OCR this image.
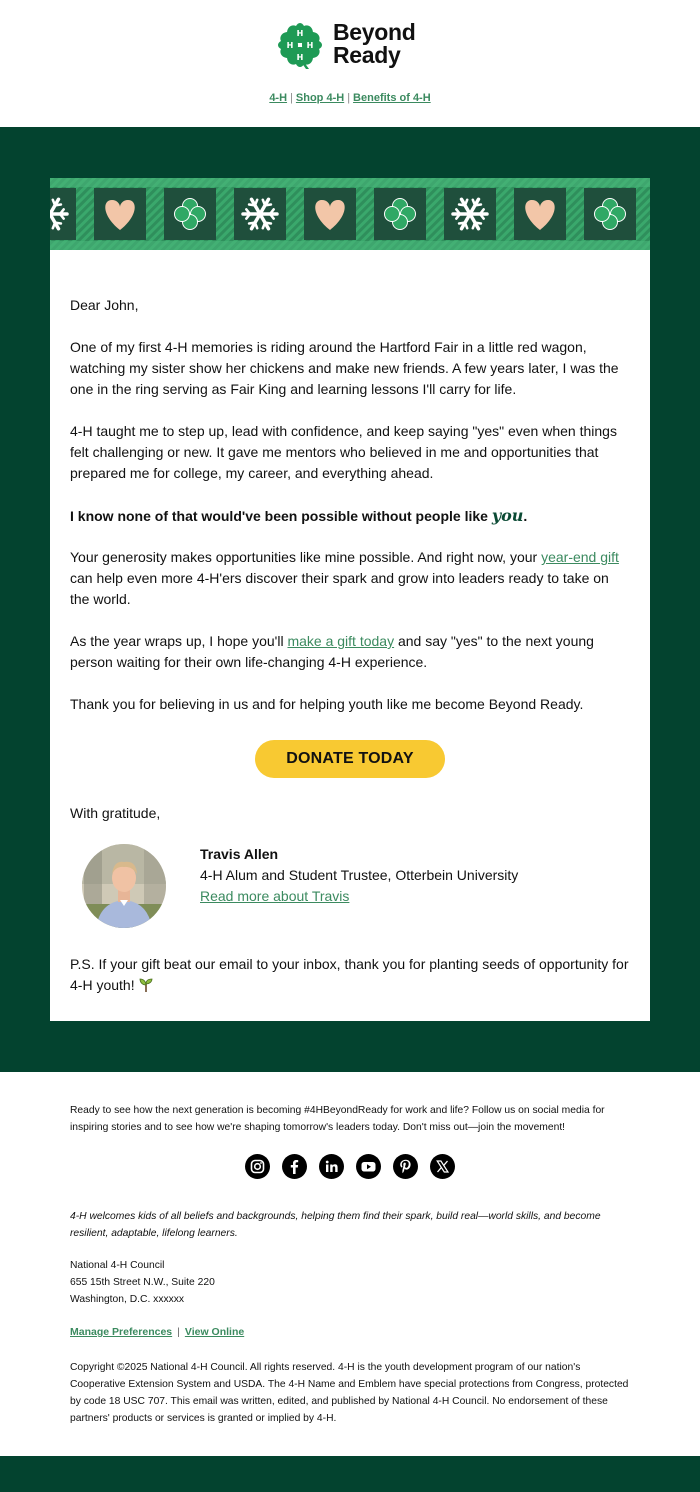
H
H H
H
Beyond
Ready
4-H | Shop 4-H | Benefits of 4-H

Dear John,

One of my first 4-H memories is riding around the Hartford Fair in a little red wagon, watching my sister show her chickens and make new friends. A few years later, I was the one in the ring serving as Fair King and learning lessons I'll carry for life.

4-H taught me to step up, lead with confidence, and keep saying "yes" even when things felt challenging or new. It gave me mentors who believed in me and opportunities that prepared me for college, my career, and everything ahead.

I know none of that would've been possible without people like you.

Your generosity makes opportunities like mine possible. And right now, your year-end gift can help even more 4-H'ers discover their spark and grow into leaders ready to take on the world.

As the year wraps up, I hope you'll make a gift today and say "yes" to the next young person waiting for their own life-changing 4-H experience.

Thank you for believing in us and for helping youth like me become Beyond Ready.

DONATE TODAY

With gratitude,

Travis Allen
4-H Alum and Student Trustee, Otterbein University
Read more about Travis

P.S. If your gift beat our email to your inbox, thank you for planting seeds of opportunity for 4-H youth!

Ready to see how the next generation is becoming #4HBeyondReady for work and life? Follow us on social media for inspiring stories and to see how we're shaping tomorrow's leaders today. Don't miss out—join the movement!

4-H welcomes kids of all beliefs and backgrounds, helping them find their spark, build real—world skills, and become resilient, adaptable, lifelong learners.

National 4-H Council
655 15th Street N.W., Suite 220
Washington, D.C. xxxxxx

Manage Preferences | View Online

Copyright ©2025 National 4-H Council. All rights reserved. 4-H is the youth development program of our nation's Cooperative Extension System and USDA. The 4-H Name and Emblem have special protections from Congress, protected by code 18 USC 707. This email was written, edited, and published by National 4-H Council. No endorsement of these partners' products or services is granted or implied by 4-H.
